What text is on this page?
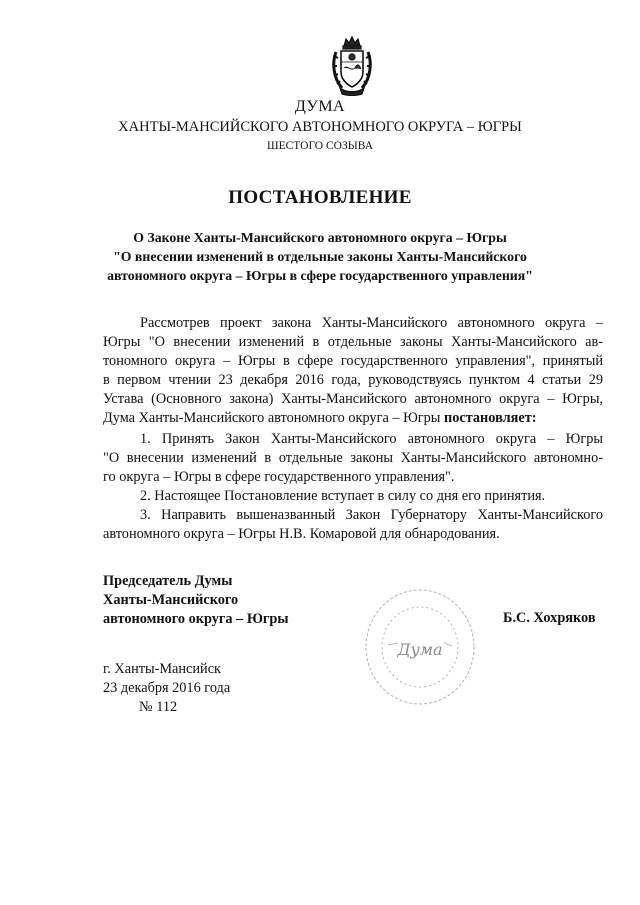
ДУМА
ХАНТЫ-МАНСИЙСКОГО АВТОНОМНОГО ОКРУГА – ЮГРЫ
ШЕСТОГО СОЗЫВА
ПОСТАНОВЛЕНИЕ
О Законе Ханты-Мансийского автономного округа – Югры
"О внесении изменений в отдельные законы Ханты-Мансийского
автономного округа – Югры в сфере государственного управления"
Рассмотрев проект закона Ханты-Мансийского автономного округа –
Югры "О внесении изменений в отдельные законы Ханты-Мансийского ав-
тономного округа – Югры в сфере государственного управления", принятый
в первом чтении 23 декабря 2016 года, руководствуясь пунктом 4 статьи 29
Устава (Основного закона) Ханты-Мансийского автономного округа – Югры,
Дума Ханты-Мансийского автономного округа – Югры постановляет:
1. Принять Закон Ханты-Мансийского автономного округа – Югры
"О внесении изменений в отдельные законы Ханты-Мансийского автономно-
го округа – Югры в сфере государственного управления".
2. Настоящее Постановление вступает в силу со дня его принятия.
3. Направить вышеназванный Закон Губернатору Ханты-Мансийского
автономного округа – Югры Н.В. Комаровой для обнародования.
Председатель Думы
Ханты-Мансийского
автономного округа – Югры
Дума
Б.С. Хохряков
г. Ханты-Мансийск
23 декабря 2016 года
№ 112
